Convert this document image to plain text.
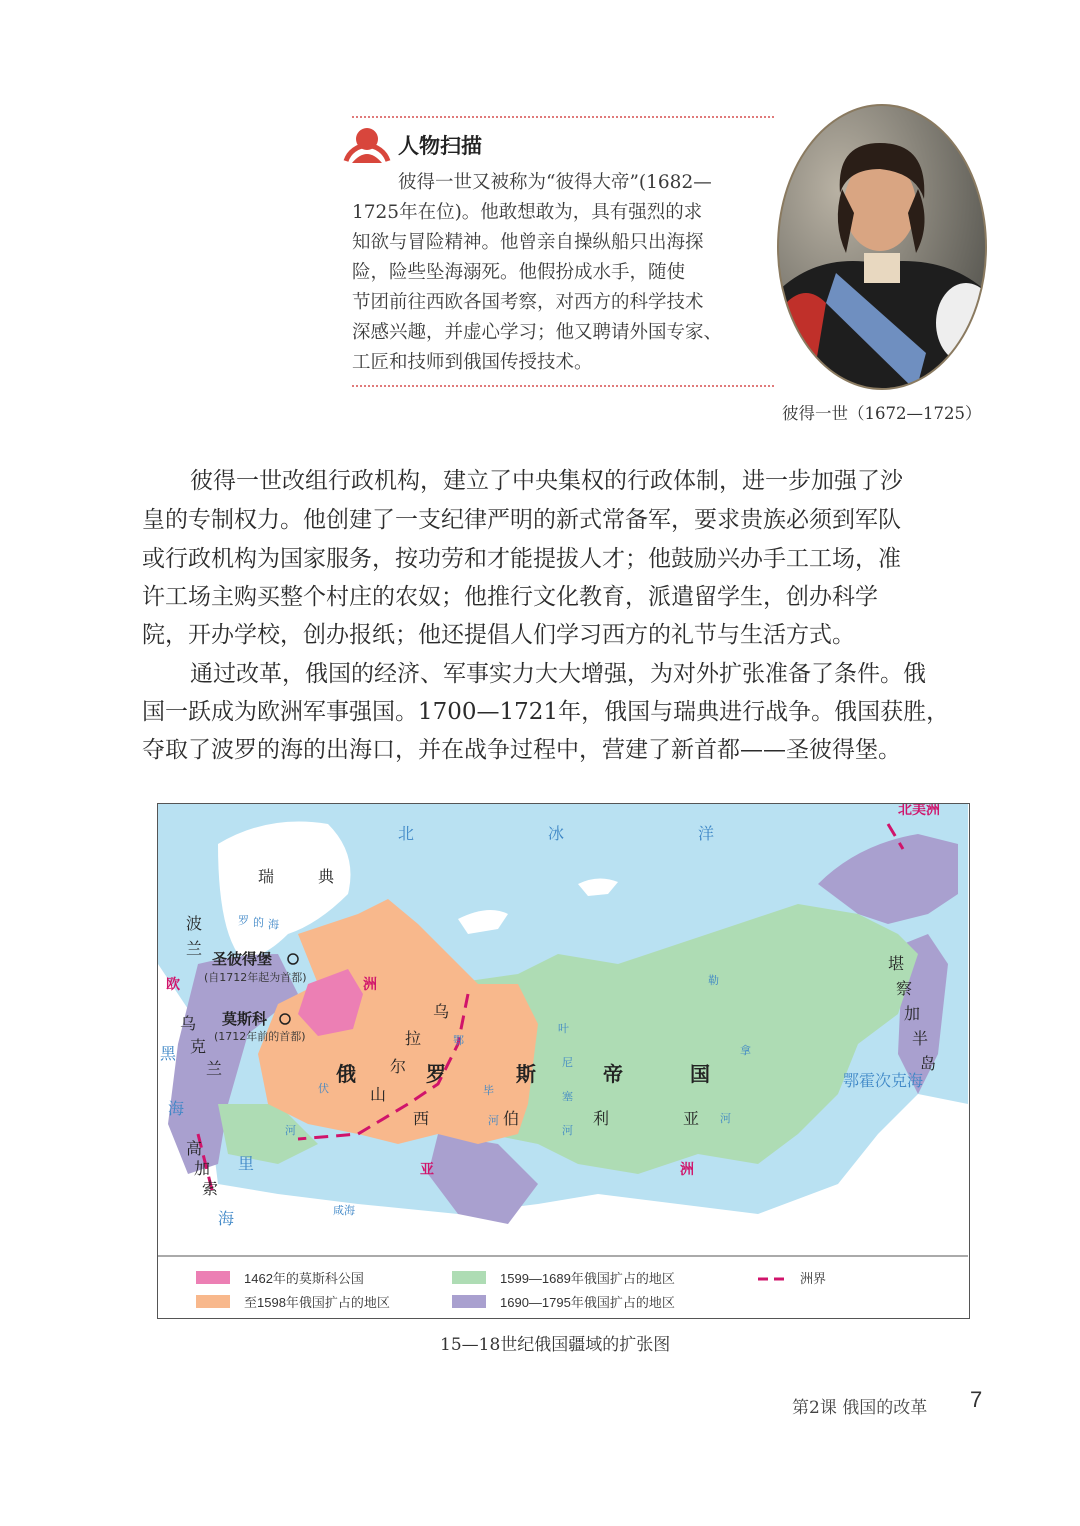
人物扫描
彼得一世又被称为“彼得大帝”(1682—
1725年在位)。他敢想敢为，具有强烈的求
知欲与冒险精神。他曾亲自操纵船只出海探
险，险些坠海溺死。他假扮成水手，随使
节团前往西欧各国考察，对西方的科学技术
深感兴趣，并虚心学习；他又聘请外国专家、
工匠和技师到俄国传授技术。
彼得一世（1672—1725）
彼得一世改组行政机构，建立了中央集权的行政体制，进一步加强了沙
皇的专制权力。他创建了一支纪律严明的新式常备军，要求贵族必须到军队
或行政机构为国家服务，按功劳和才能提拔人才；他鼓励兴办手工工场，准
许工场主购买整个村庄的农奴；他推行文化教育，派遣留学生，创办科学
院，开办学校，创办报纸；他还提倡人们学习西方的礼节与生活方式。
通过改革，俄国的经济、军事实力大大增强，为对外扩张准备了条件。俄
国一跃成为欧洲军事强国。1700—1721年，俄国与瑞典进行战争。俄国获胜，
夺取了波罗的海的出海口，并在战争过程中，营建了新首都——圣彼得堡。
北美洲
北	冰	洋
瑞	典
波
兰
罗 的 海
圣彼得堡
(自1712年起为首都)
欧	洲
莫斯科
(1712年前的首都)
乌
克
兰
黑
海
高
加
索
里
海	咸海
俄	罗	斯	帝	国
西	伯	利	亚
乌
拉
尔
山
亚	洲
伏
河
鄂
毕
河
叶
尼
塞
河
勒
拿
河
鄂霍次克海
堪
察
加
半
岛
1462年的莫斯科公国
至1598年俄国扩占的地区
1599—1689年俄国扩占的地区
1690—1795年俄国扩占的地区
洲界
15—18世纪俄国疆域的扩张图
第2课 俄国的改革 7
